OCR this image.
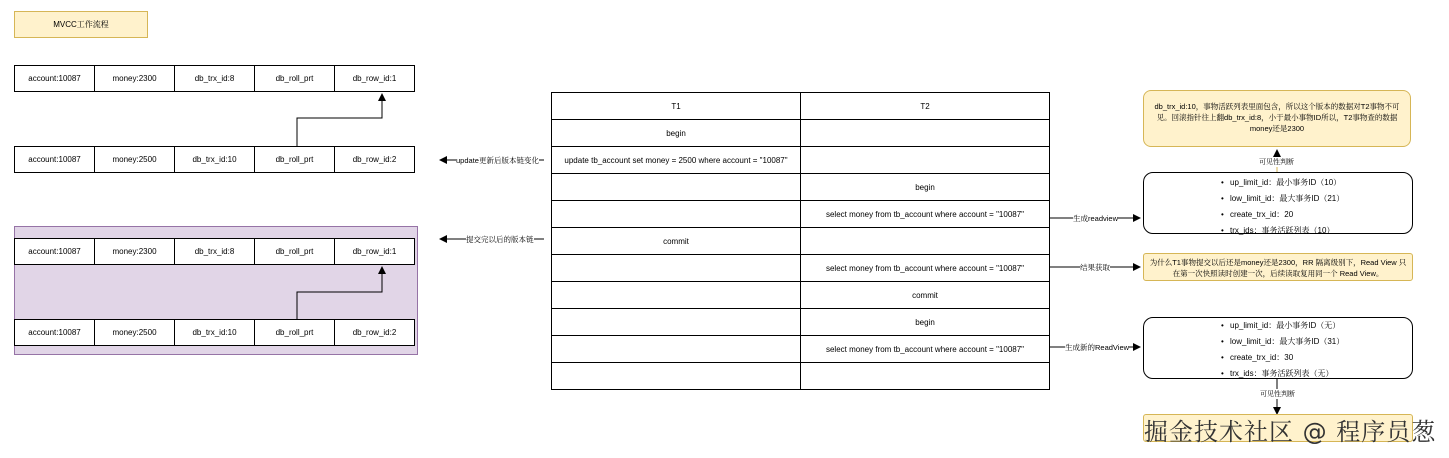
MVCC工作流程
account:10087	money:2300	db_trx_id:8	db_roll_prt	db_row_id:1
account:10087	money:2500	db_trx_id:10	db_roll_prt	db_row_id:2
account:10087	money:2300	db_trx_id:8	db_roll_prt	db_row_id:1
account:10087	money:2500	db_trx_id:10	db_roll_prt	db_row_id:2
update更新后版本链变化
提交完以后的版本链
生成readview
结果获取
生成新的ReadView
T1	T2
begin	
update tb_account set money = 2500 where account = "10087"	
	begin
	select money from tb_account where account = "10087"
commit	
	select money from tb_account where account = "10087"
	commit
	begin
	select money from tb_account where account = "10087"

db_trx_id:10，事物活跃列表里面包含，所以这个版本的数据对T2事物不可见。回滚指针往上翻db_trx_id:8，小于最小事物ID所以，T2事物查的数据money还是2300
可见性判断
• up_limit_id：最小事务ID（10）
• low_limit_id：最大事务ID（21）
• create_trx_id：20
• trx_ids：事务活跃列表（10）
为什么T1事物提交以后还是money还是2300，RR 隔离级别下，Read View 只在第一次快照读时创建一次，后续读取复用同一个 Read View。
• up_limit_id：最小事务ID（无）
• low_limit_id：最大事务ID（31）
• create_trx_id：30
• trx_ids：事务活跃列表（无）
可见性判断
掘金技术社区 @ 程序员葱
